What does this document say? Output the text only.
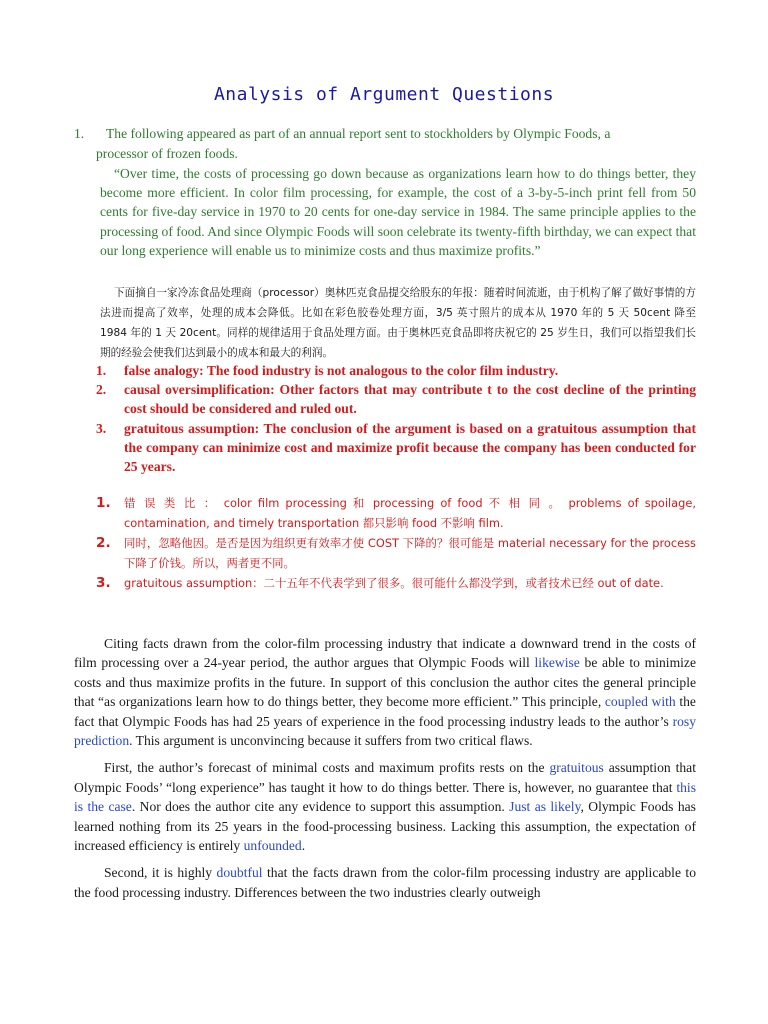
Analysis of Argument Questions
1. The following appeared as part of an annual report sent to stockholders by Olympic Foods, a
processor of frozen foods.
“Over time, the costs of processing go down because as organizations learn how to do things better, they become more efficient. In color film processing, for example, the cost of a 3-by-5-inch print fell from 50 cents for five-day service in 1970 to 20 cents for one-day service in 1984. The same principle applies to the processing of food. And since Olympic Foods will soon celebrate its twenty-fifth birthday, we can expect that our long experience will enable us to minimize costs and thus maximize profits.”
下面摘自一家冷冻食品处理商（processor）奥林匹克食品提交给股东的年报：随着时间流逝，由于机构了解了做好事情的方法进而提高了效率，处理的成本会降低。比如在彩色胶卷处理方面，3/5 英寸照片的成本从 1970 年的 5 天 50cent 降至 1984 年的 1 天 20cent。同样的规律适用于食品处理方面。由于奥林匹克食品即将庆祝它的 25 岁生日，我们可以指望我们长期的经验会使我们达到最小的成本和最大的利润。
1. false analogy: The food industry is not analogous to the color film industry.
2. causal oversimplification: Other factors that may contribute t to the cost decline of the printing cost should be considered and ruled out.
3. gratuitous assumption: The conclusion of the argument is based on a gratuitous assumption that the company can minimize cost and maximize profit because the company has been conducted for 25 years.
1. 错 误 类 比 ： color film processing 和 processing of food 不 相 同 。 problems of spoilage, contamination, and timely transportation 都只影响 food 不影响 film.
2. 同时，忽略他因。是否是因为组织更有效率才使 COST 下降的？很可能是 material necessary for the process 下降了价钱。所以，两者更不同。
3. gratuitous assumption：二十五年不代表学到了很多。很可能什么都没学到，或者技术已经 out of date.

Citing facts drawn from the color-film processing industry that indicate a downward trend in the costs of film processing over a 24-year period, the author argues that Olympic Foods will likewise be able to minimize costs and thus maximize profits in the future. In support of this conclusion the author cites the general principle that “as organizations learn how to do things better, they become more efficient.” This principle, coupled with the fact that Olympic Foods has had 25 years of experience in the food processing industry leads to the author’s rosy prediction. This argument is unconvincing because it suffers from two critical flaws.

First, the author’s forecast of minimal costs and maximum profits rests on the gratuitous assumption that Olympic Foods’ “long experience” has taught it how to do things better. There is, however, no guarantee that this is the case. Nor does the author cite any evidence to support this assumption. Just as likely, Olympic Foods has learned nothing from its 25 years in the food-processing business. Lacking this assumption, the expectation of increased efficiency is entirely unfounded.

Second, it is highly doubtful that the facts drawn from the color-film processing industry are applicable to the food processing industry. Differences between the two industries clearly outweigh
